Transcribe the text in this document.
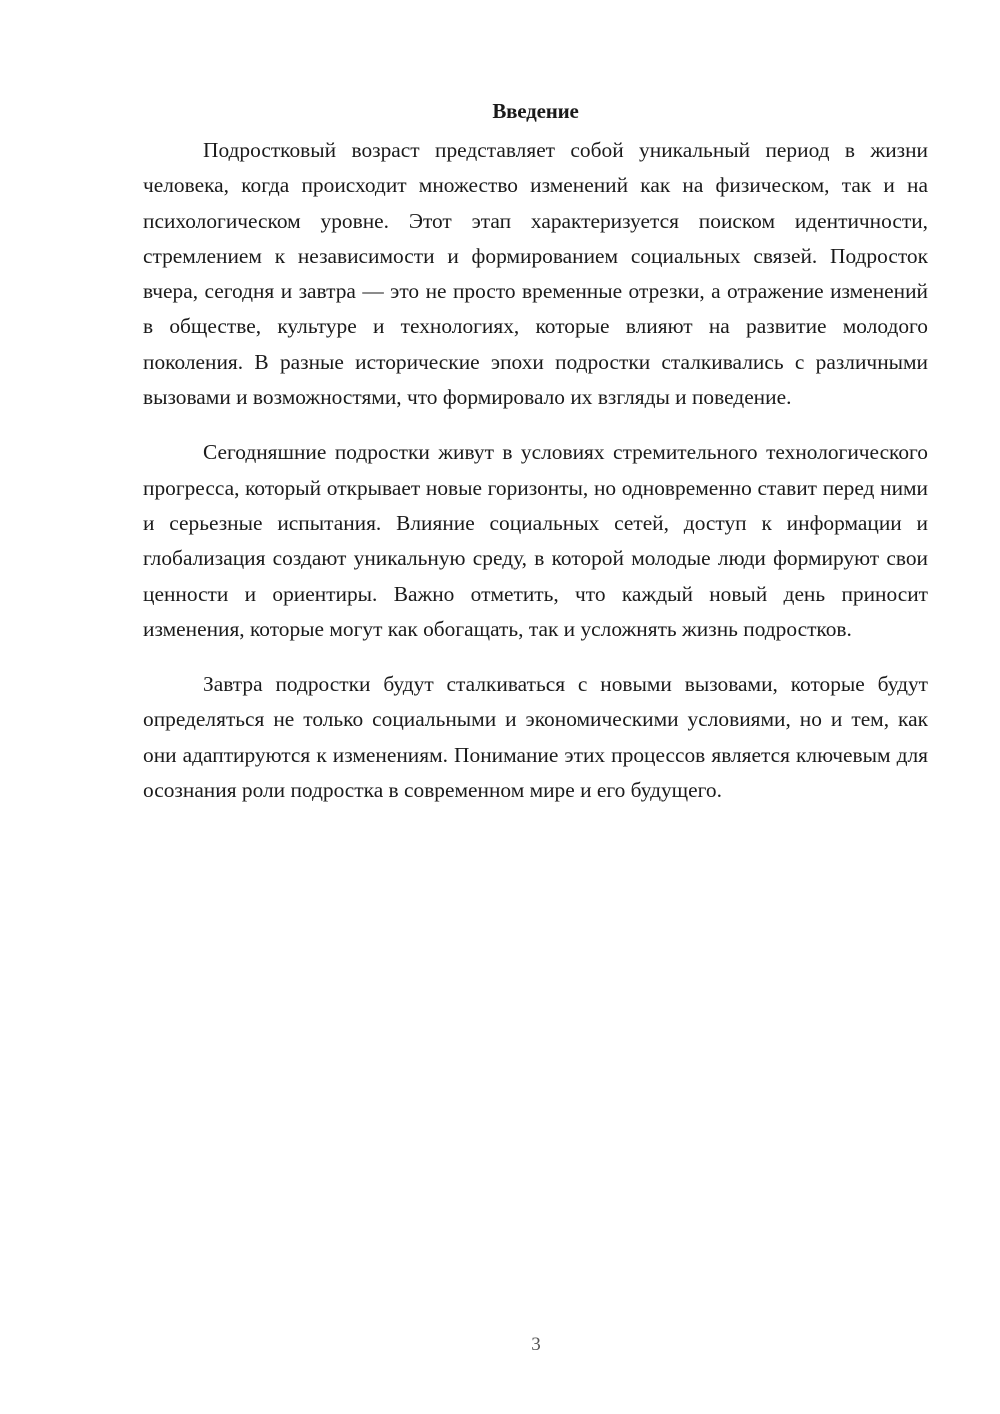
Введение

Подростковый возраст представляет собой уникальный период в жизни человека, когда происходит множество изменений как на физическом, так и на психологическом уровне. Этот этап характеризуется поиском идентичности, стремлением к независимости и формированием социальных связей. Подросток вчера, сегодня и завтра — это не просто временные отрезки, а отражение изменений в обществе, культуре и технологиях, которые влияют на развитие молодого поколения. В разные исторические эпохи подростки сталкивались с различными вызовами и возможностями, что формировало их взгляды и поведение.

Сегодняшние подростки живут в условиях стремительного технологического прогресса, который открывает новые горизонты, но одновременно ставит перед ними и серьезные испытания. Влияние социальных сетей, доступ к информации и глобализация создают уникальную среду, в которой молодые люди формируют свои ценности и ориентиры. Важно отметить, что каждый новый день приносит изменения, которые могут как обогащать, так и усложнять жизнь подростков.

Завтра подростки будут сталкиваться с новыми вызовами, которые будут определяться не только социальными и экономическими условиями, но и тем, как они адаптируются к изменениям. Понимание этих процессов является ключевым для осознания роли подростка в современном мире и его будущего.

3
